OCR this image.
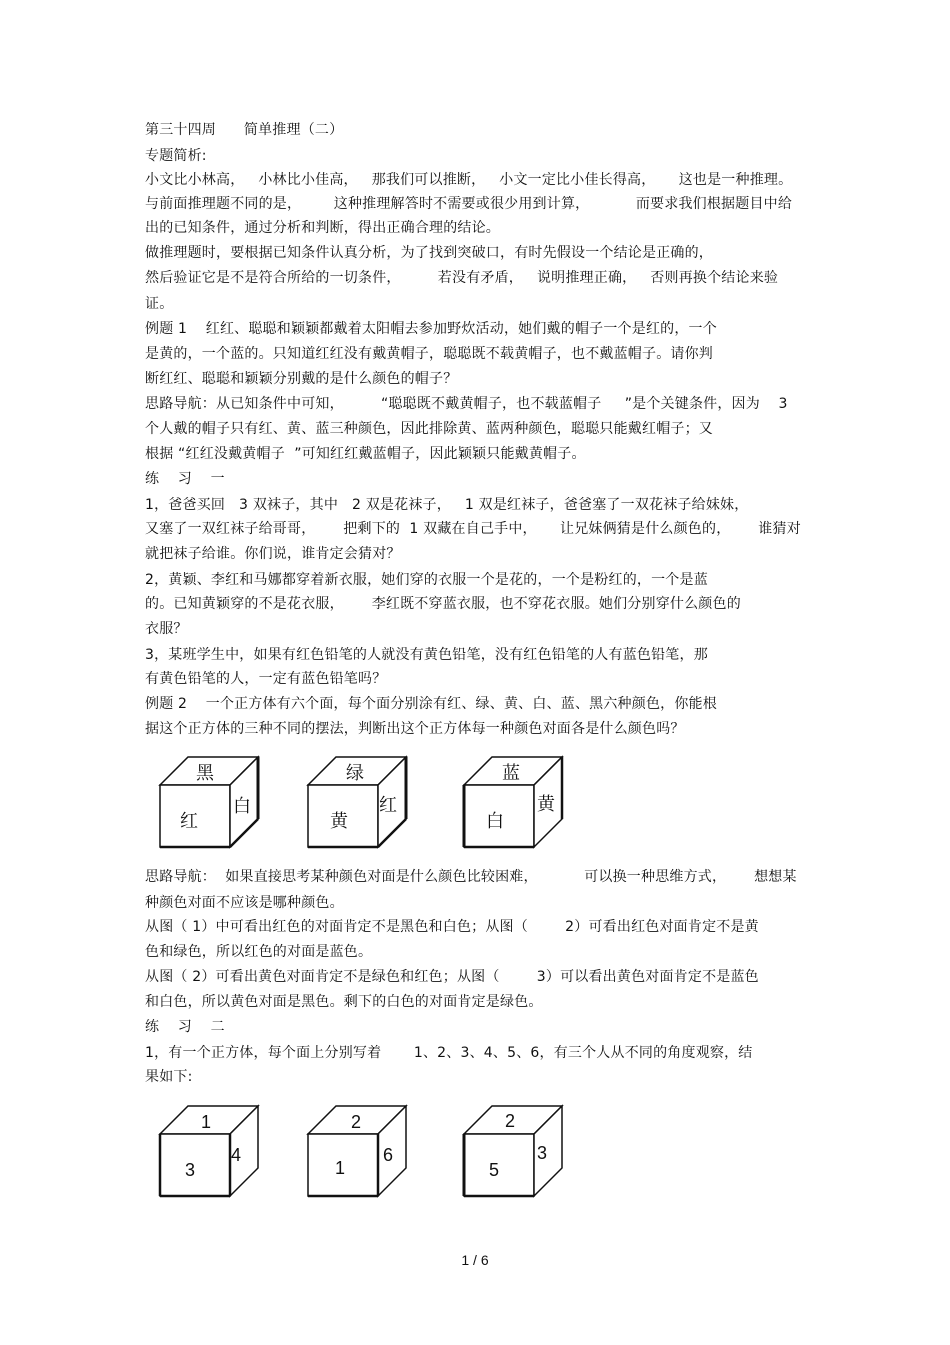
第三十四周      简单推理（二）
专题简析:
小文比小林高，   小林比小佳高，   那我们可以推断，   小文一定比小佳长得高，     这也是一种推理。
与前面推理题不同的是，       这种推理解答时不需要或很少用到计算，          而要求我们根据题目中给
出的已知条件，通过分析和判断，得出正确合理的结论。
做推理题时，要根据已知条件认真分析，为了找到突破口，有时先假设一个结论是正确的，
然后验证它是不是符合所给的一切条件，        若没有矛盾，   说明推理正确，   否则再换个结论来验
证。
例题 1    红红、聪聪和颖颖都戴着太阳帽去参加野炊活动，她们戴的帽子一个是红的，一个
是黄的，一个蓝的。只知道红红没有戴黄帽子，聪聪既不载黄帽子，也不戴蓝帽子。请你判
断红红、聪聪和颖颖分别戴的是什么颜色的帽子？
思路导航：从已知条件中可知，        “聪聪既不戴黄帽子，也不载蓝帽子     ”是个关键条件，因为    3
个人戴的帽子只有红、黄、蓝三种颜色，因此排除黄、蓝两种颜色，聪聪只能戴红帽子；又
根据 “红红没戴黄帽子  ”可知红红戴蓝帽子，因此颖颖只能戴黄帽子。
练    习    一
1，爸爸买回   3 双袜子，其中   2 双是花袜子，   1 双是红袜子，爸爸塞了一双花袜子给妹妹，
又塞了一双红袜子给哥哥，      把剩下的  1 双藏在自己手中，     让兄妹俩猜是什么颜色的，      谁猜对
就把袜子给谁。你们说，谁肯定会猜对？
2，黄颖、李红和马娜都穿着新衣服，她们穿的衣服一个是花的，一个是粉红的，一个是蓝
的。已知黄颖穿的不是花衣服，      李红既不穿蓝衣服，也不穿花衣服。她们分别穿什么颜色的
衣服？
3，某班学生中，如果有红色铅笔的人就没有黄色铅笔，没有红色铅笔的人有蓝色铅笔，那
有黄色铅笔的人，一定有蓝色铅笔吗？
例题 2    一个正方体有六个面，每个面分别涂有红、绿、黄、白、蓝、黑六种颜色，你能根
据这个正方体的三种不同的摆法，判断出这个正方体每一种颜色对面各是什么颜色吗？
黑
红
白
绿
黄
红
蓝
白
黄
思路导航：  如果直接思考某种颜色对面是什么颜色比较困难，          可以换一种思维方式，      想想某
种颜色对面不应该是哪种颜色。
从图（ 1）中可看出红色的对面肯定不是黑色和白色；从图（        2）可看出红色对面肯定不是黄
色和绿色，所以红色的对面是蓝色。
从图（ 2）可看出黄色对面肯定不是绿色和红色；从图（        3）可以看出黄色对面肯定不是蓝色
和白色，所以黄色对面是黑色。剩下的白色的对面肯定是绿色。
练    习    二
1，有一个正方体，每个面上分别写着       1、2、3、4、5、6，有三个人从不同的角度观察，结
果如下:
1
3
4
2
1
6
2
5
3
1 / 6
